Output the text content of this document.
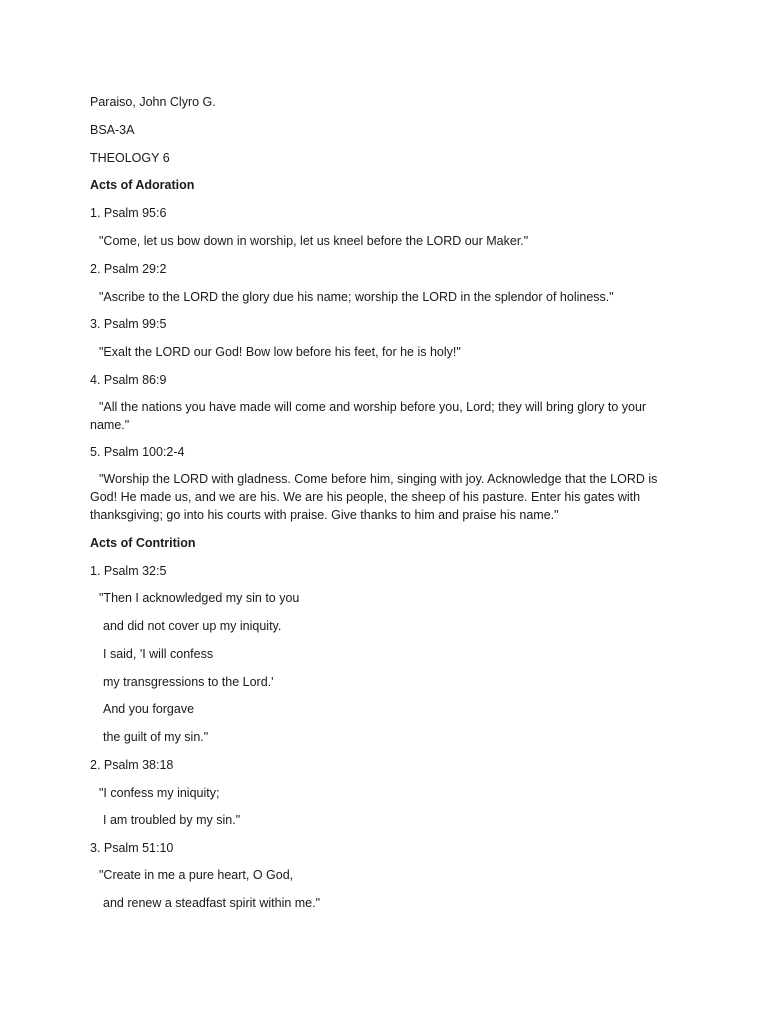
Paraiso, John Clyro G.

BSA-3A

THEOLOGY 6

Acts of Adoration

1. Psalm 95:6

"Come, let us bow down in worship, let us kneel before the LORD our Maker."

2. Psalm 29:2

"Ascribe to the LORD the glory due his name; worship the LORD in the splendor of holiness."

3. Psalm 99:5

"Exalt the LORD our God! Bow low before his feet, for he is holy!"

4. Psalm 86:9

"All the nations you have made will come and worship before you, Lord; they will bring glory to your name."

5. Psalm 100:2-4

"Worship the LORD with gladness. Come before him, singing with joy. Acknowledge that the LORD is God! He made us, and we are his. We are his people, the sheep of his pasture. Enter his gates with thanksgiving; go into his courts with praise. Give thanks to him and praise his name."

Acts of Contrition

1. Psalm 32:5

"Then I acknowledged my sin to you

and did not cover up my iniquity.

I said, 'I will confess

my transgressions to the Lord.'

And you forgave

the guilt of my sin."

2. Psalm 38:18

"I confess my iniquity;

I am troubled by my sin."

3. Psalm 51:10

"Create in me a pure heart, O God,

and renew a steadfast spirit within me."
